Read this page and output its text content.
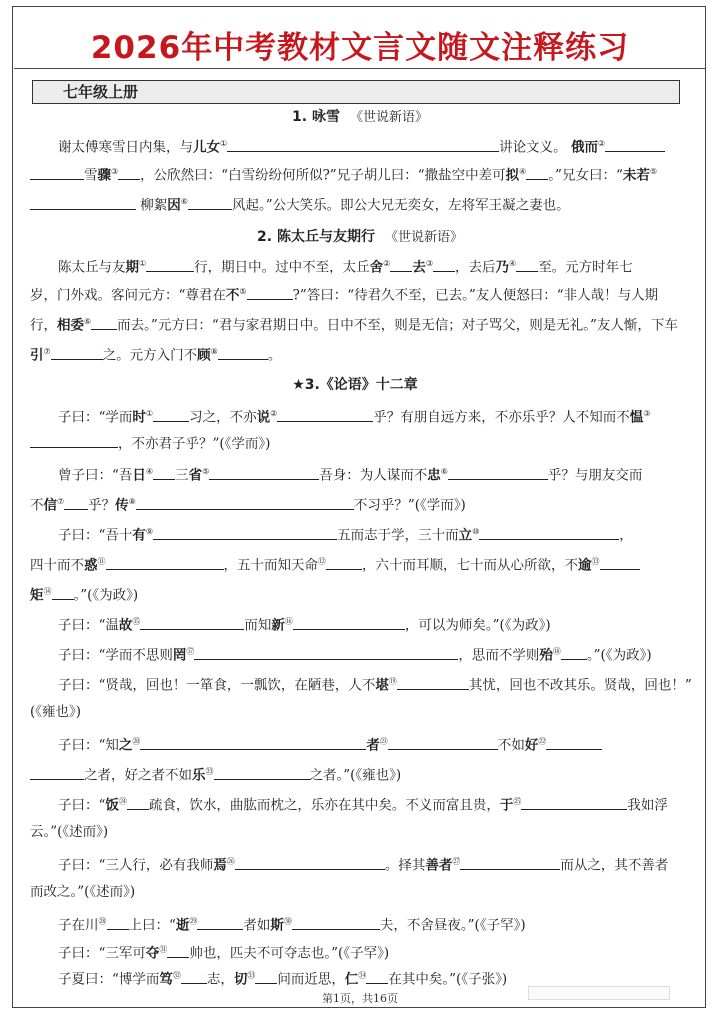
2026年中考教材文言文随文注释练习
七年级上册
1. 咏雪 《世说新语》
2. 陈太丘与友期行 《世说新语》
★3.《论语》十二章
谢太傅寒雪日内集，与儿女①	讲论文义。 俄而②
雪骤③ ，公欣然曰：“白雪纷纷何所似?”兄子胡儿曰：“撒盐空中差可拟④ 。”兄女曰：“未若⑤
柳絮因⑥	风起。”公大笑乐。即公大兄无奕女，左将军王凝之妻也。
陈太丘与友期①	行，期日中。过中不至，太丘舍② 去③ ，去后乃④ 至。元方时年七
岁，门外戏。客问元方：“尊君在不⑤	?”答曰：“待君久不至，已去。”友人便怒曰：“非人哉！与人期
行，相委⑥ 而去。”元方曰：“君与家君期日中。日中不至，则是无信；对子骂父，则是无礼。”友人惭，下车
引⑦	之。元方入门不顾⑧	。
子曰：“学而时①	习之，不亦说②	乎？有朋自远方来，不亦乐乎？人不知而不愠③
，不亦君子乎？”(《学而》)
曾子曰：“吾日④ 三省⑤	吾身：为人谋而不忠⑥	乎？与朋友交而
不信⑦ 乎？传⑧	不习乎？”(《学而》)
子曰：“吾十有⑨	五而志于学，三十而立⑩	，
四十而不惑⑪	，五十而知天命⑫	，六十而耳顺，七十而从心所欲，不逾⑬
矩⑭ 。”(《为政》)
子曰：“温故⑮	而知新⑯	，可以为师矣。”(《为政》)
子曰：“学而不思则罔⑰	，思而不学则殆⑱ 。”(《为政》)
子曰：“贤哉，回也！一箪食，一瓢饮，在陋巷，人不堪⑲	其忧，回也不改其乐。贤哉，回也！”
(《雍也》)
子曰：“知之⑳	者$^㉑$	不如好$^㉒$
之者，好之者不如乐$^㉓$	之者。”(《雍也》)
子曰：“饭$^㉔$ 疏食，饮水，曲肱而枕之，乐亦在其中矣。不义而富且贵，于$^㉕$	我如浮
云。”(《述而》)
子曰：“三人行，必有我师焉$^㉖$	。择其善者$^㉗$	而从之，其不善者
而改之。”(《述而》)
子在川$^㉘$ 上曰：“逝$^㉙$	者如斯$^㉚$	夫，不舍昼夜。”(《子罕》)
子曰：“三军可夺$^㉛$ 帅也，匹夫不可夺志也。”(《子罕》)
子夏曰：“博学而笃$^㉜$ 志，切$^㉝$ 问而近思，仁$^㉞$ 在其中矣。”(《子张》)
第1页，共16页
